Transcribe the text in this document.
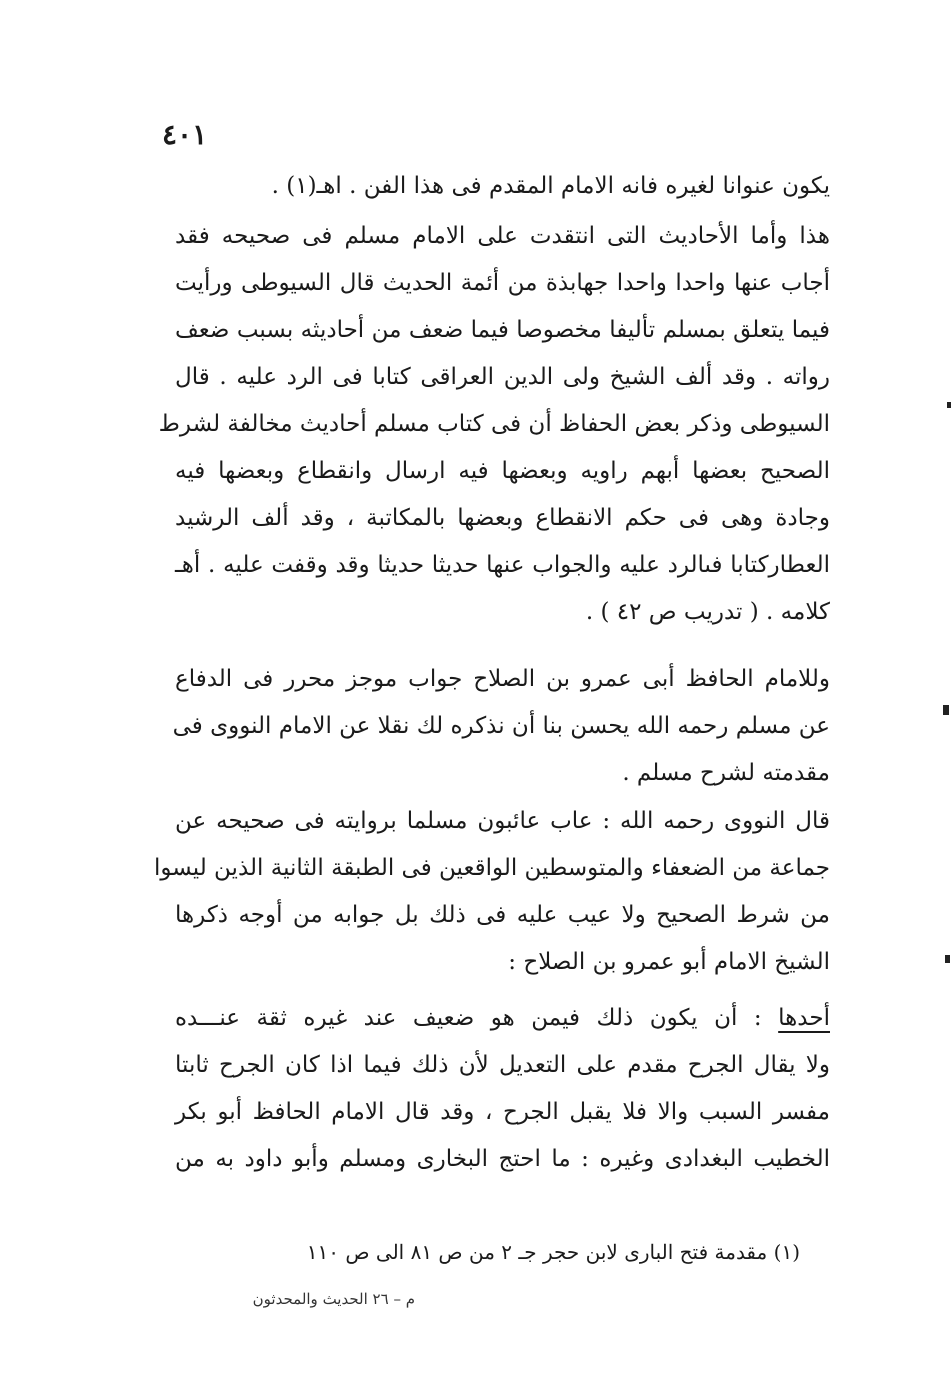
٤٠١
يكون عنوانا لغيره فانه الامام المقدم فى هذا الفن . اهـ(١) .
هذا وأما الأحاديث التى انتقدت على الامام مسلم فى صحيحه فقد
أجاب عنها واحدا واحدا جهابذة من أئمة الحديث قال السيوطى ورأيت
فيما يتعلق بمسلم تأليفا مخصوصا فيما ضعف من أحاديثه بسبب ضعف
رواته . وقد ألف الشيخ ولى الدين العراقى كتابا فى الرد عليه . قال
السيوطى وذكر بعض الحفاظ أن فى كتاب مسلم أحاديث مخالفة لشرط
الصحيح بعضها أبهم راويه وبعضها فيه ارسال وانقطاع وبعضها فيه
وجادة وهى فى حكم الانقطاع وبعضها بالمكاتبة ، وقد ألف الرشيد
العطاركتابا فىالرد عليه والجواب عنها حديثا حديثا وقد وقفت عليه . أهـ
كلامه . ( تدريب ص ٤٢ ) .
وللامام الحافظ أبى عمرو بن الصلاح جواب موجز محرر فى الدفاع
عن مسلم رحمه الله يحسن بنا أن نذكره لك نقلا عن الامام النووى فى
مقدمته لشرح مسلم .
قال النووى رحمه الله : عاب عائبون مسلما بروايته فى صحيحه عن
جماعة من الضعفاء والمتوسطين الواقعين فى الطبقة الثانية الذين ليسوا
من شرط الصحيح ولا عيب عليه فى ذلك بل جوابه من أوجه ذكرها
الشيخ الامام أبو عمرو بن الصلاح :
أحدها : أن يكون ذلك فيمن هو ضعيف عند غيره ثقة عنـــده
ولا يقال الجرح مقدم على التعديل لأن ذلك فيما اذا كان الجرح ثابتا
مفسر السبب والا فلا يقبل الجرح ، وقد قال الامام الحافظ أبو بكر
الخطيب البغدادى وغيره : ما احتج البخارى ومسلم وأبو داود به من
(١) مقدمة فتح البارى لابن حجر جـ ٢ من ص ٨١ الى ص ١١٠
م – ٢٦ الحديث والمحدثون
